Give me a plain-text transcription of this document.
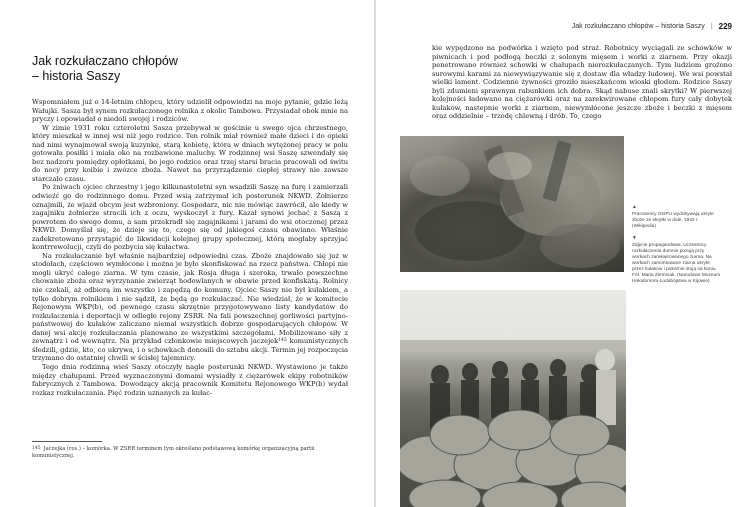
Jak rozkułaczano chłopów
– historia Saszy

Wspomniałem już o 14-letnim chłopcu, który udzielił odpowiedzi na moje pytanie, gdzie leżą Wałujki. Sasza był synem rozkułaczonego rolnika z okolic Tambowa. Przysiadał obok mnie na pryczy i opowiadał o niedoli swojej i rodziców.

W zimie 1931 roku czteroletni Sasza przebywał w gościnie u swego ojca chrzestnego, który mieszkał w innej wsi niż jego rodzice. Ten rolnik miał również małe dzieci i do opieki nad nimi wynajmował swoją kuzynkę, starą kobietę, która w dniach wytężonej pracy w polu gotowała posiłki i miała oko na rozbawione maluchy. W rodzinnej wsi Saszę szwendały się bez nadzoru pomiędzy opłotkami, bo jego rodzice oraz trzej starsi bracia pracowali od świtu do nocy przy koibie i zwózce zboża. Nawet na przyrządzenie ciepłej strawy nie zawsze starczało czasu.

Po żniwach ojciec chrzestny i jego kilkunastoletni syn wsadzili Saszę na furę i zamierzali odwieźć go do rodzinnego domu. Przed wsią zatrzymał ich posterunek NKWD. Żołnierze oznajmili, że wjazd obcym jest wzbroniony. Gospodarz, nic nie mówiąc zawrócił, ale kiedy w zagajniku żołnierze stracili ich z oczu, wyskoczył z fury. Kazał synowi jechać z Saszą z powrotem do swego domu, a sam przekradł się zagajnikami i jarami do wsi otoczonej przez NKWD. Domyślał się, że dzieje się to, czego się od jakiegoś czasu obawiano. Właśnie zadekretowano przystąpić do likwidacji kolejnej grupy społecznej, którą mogłaby sprzyjać kontrrewolucji, czyli do pozbycia się kułactwa.

Na rozkułaczanie był właśnie najbardziej odpowiedni czas. Zboże znajdowało się już w stodołach, częściowo wymłócone i można je było skonfiskować na rzecz państwa. Chłopi nie mogli ukryć całego ziarna. W tym czasie, jak Rosja długa i szeroka, trwało powszechne chowanie zboża oraz wyrzynanie zwierząt hodowlanych w obawie przed konfiskatą. Rolnicy nie czekali, aż odbiorą im wszystko i zapędzą do komuny. Ojciec Saszy nie był kułakiem, a tylko dobrym rolnikiem i nie sądził, że będą go rozkułaczać. Nie wiedział, że w komitecie Rejonowym WKP(b), od pewnego czasu skrzętnie przygotowywano listy kandydatów do rozkułaczenia i deportacji w odległe rejony ZSRR. Na fali powszechnej gorliwości partyjno-państwowej do kułaków zaliczano niemal wszystkich dobrze gospodarujących chłopów. W danej wsi akcję rozkułaczania planowano ze wszystkimi szczegółami. Mobilizowano siły z zewnątrz i od wewnątrz. Na przykład członkowie miejscowych jaczejek$^{145}$ komunistycznych śledzili, gdzie, kto, co ukrywa, i o schowkach donosili do sztabu akcji. Termin jej rozpoczęcia trzymano do ostatniej chwili w ścisłej tajemnicy.

Tego dnia rodzinną wieś Saszy otoczyły nagle posterunki NKWD. Wystawiono je także między chałupami. Przed wyznaczonymi domami wysiadły z ciężarówek ekipy robotników fabrycznych z Tambowa. Dowodzący akcją pracownik Komitetu Rejonowego WKP(b) wydał rozkaz rozkułaczania. Pięć rodzin uznanych za kułac-

145 Jaczejka (ros.) – komórka. W ZSRR terminem tym określano podstawową komórkę organizacyjną partii komunistycznej.
Jak rozkułaczano chłopów – historia Saszy | 229

kie wypędzono na podwórka i wzięto pod straż. Robotnicy wyciągali ze schowków w piwnicach i pod podłogą beczki z solonym mięsem i worki z ziarnem. Przy okazji penetrowano również schowki w chałupach nierozkułaczanych. Tym ludziom grożono surowymi karami za niewywiązywanie się z dostaw dla władzy ludowej. We wsi powstał wielki lament. Codzienne żywności groziło mieszkańcom wioski głodem. Rodzice Saszy byli zdumieni sprawnym rabunkiem ich dobra. Skąd nabuse znali skrytki? W pierwszej kolejności ładowano na ciężarówki oraz na zarekwirowane chłopom fury cały dobytek kułaków, nastepnie worki z ziarnem, niewymłócone jeszcze zboże i beczki z mięsem oraz oddzielnie – trzodę chlewną i drób. To, czego

▲
Pracownicy OGPU wydobywają ukryte zboże ze skrytki w dole, 1932 r. (Wikipedia)
▼
Zdjęcie propagandowe. Uczestnicy rozkułaczenia dumnie pozują przy workach zarekwirowanego ziarna. Na workach zamontowane ziarna ukryte przez kułaków i pokornie stoją na koniu. Fot. Maria Ziemniak. (Narodowe Muzeum Hołodomoru-Ludobójstwa w Kijowie)
